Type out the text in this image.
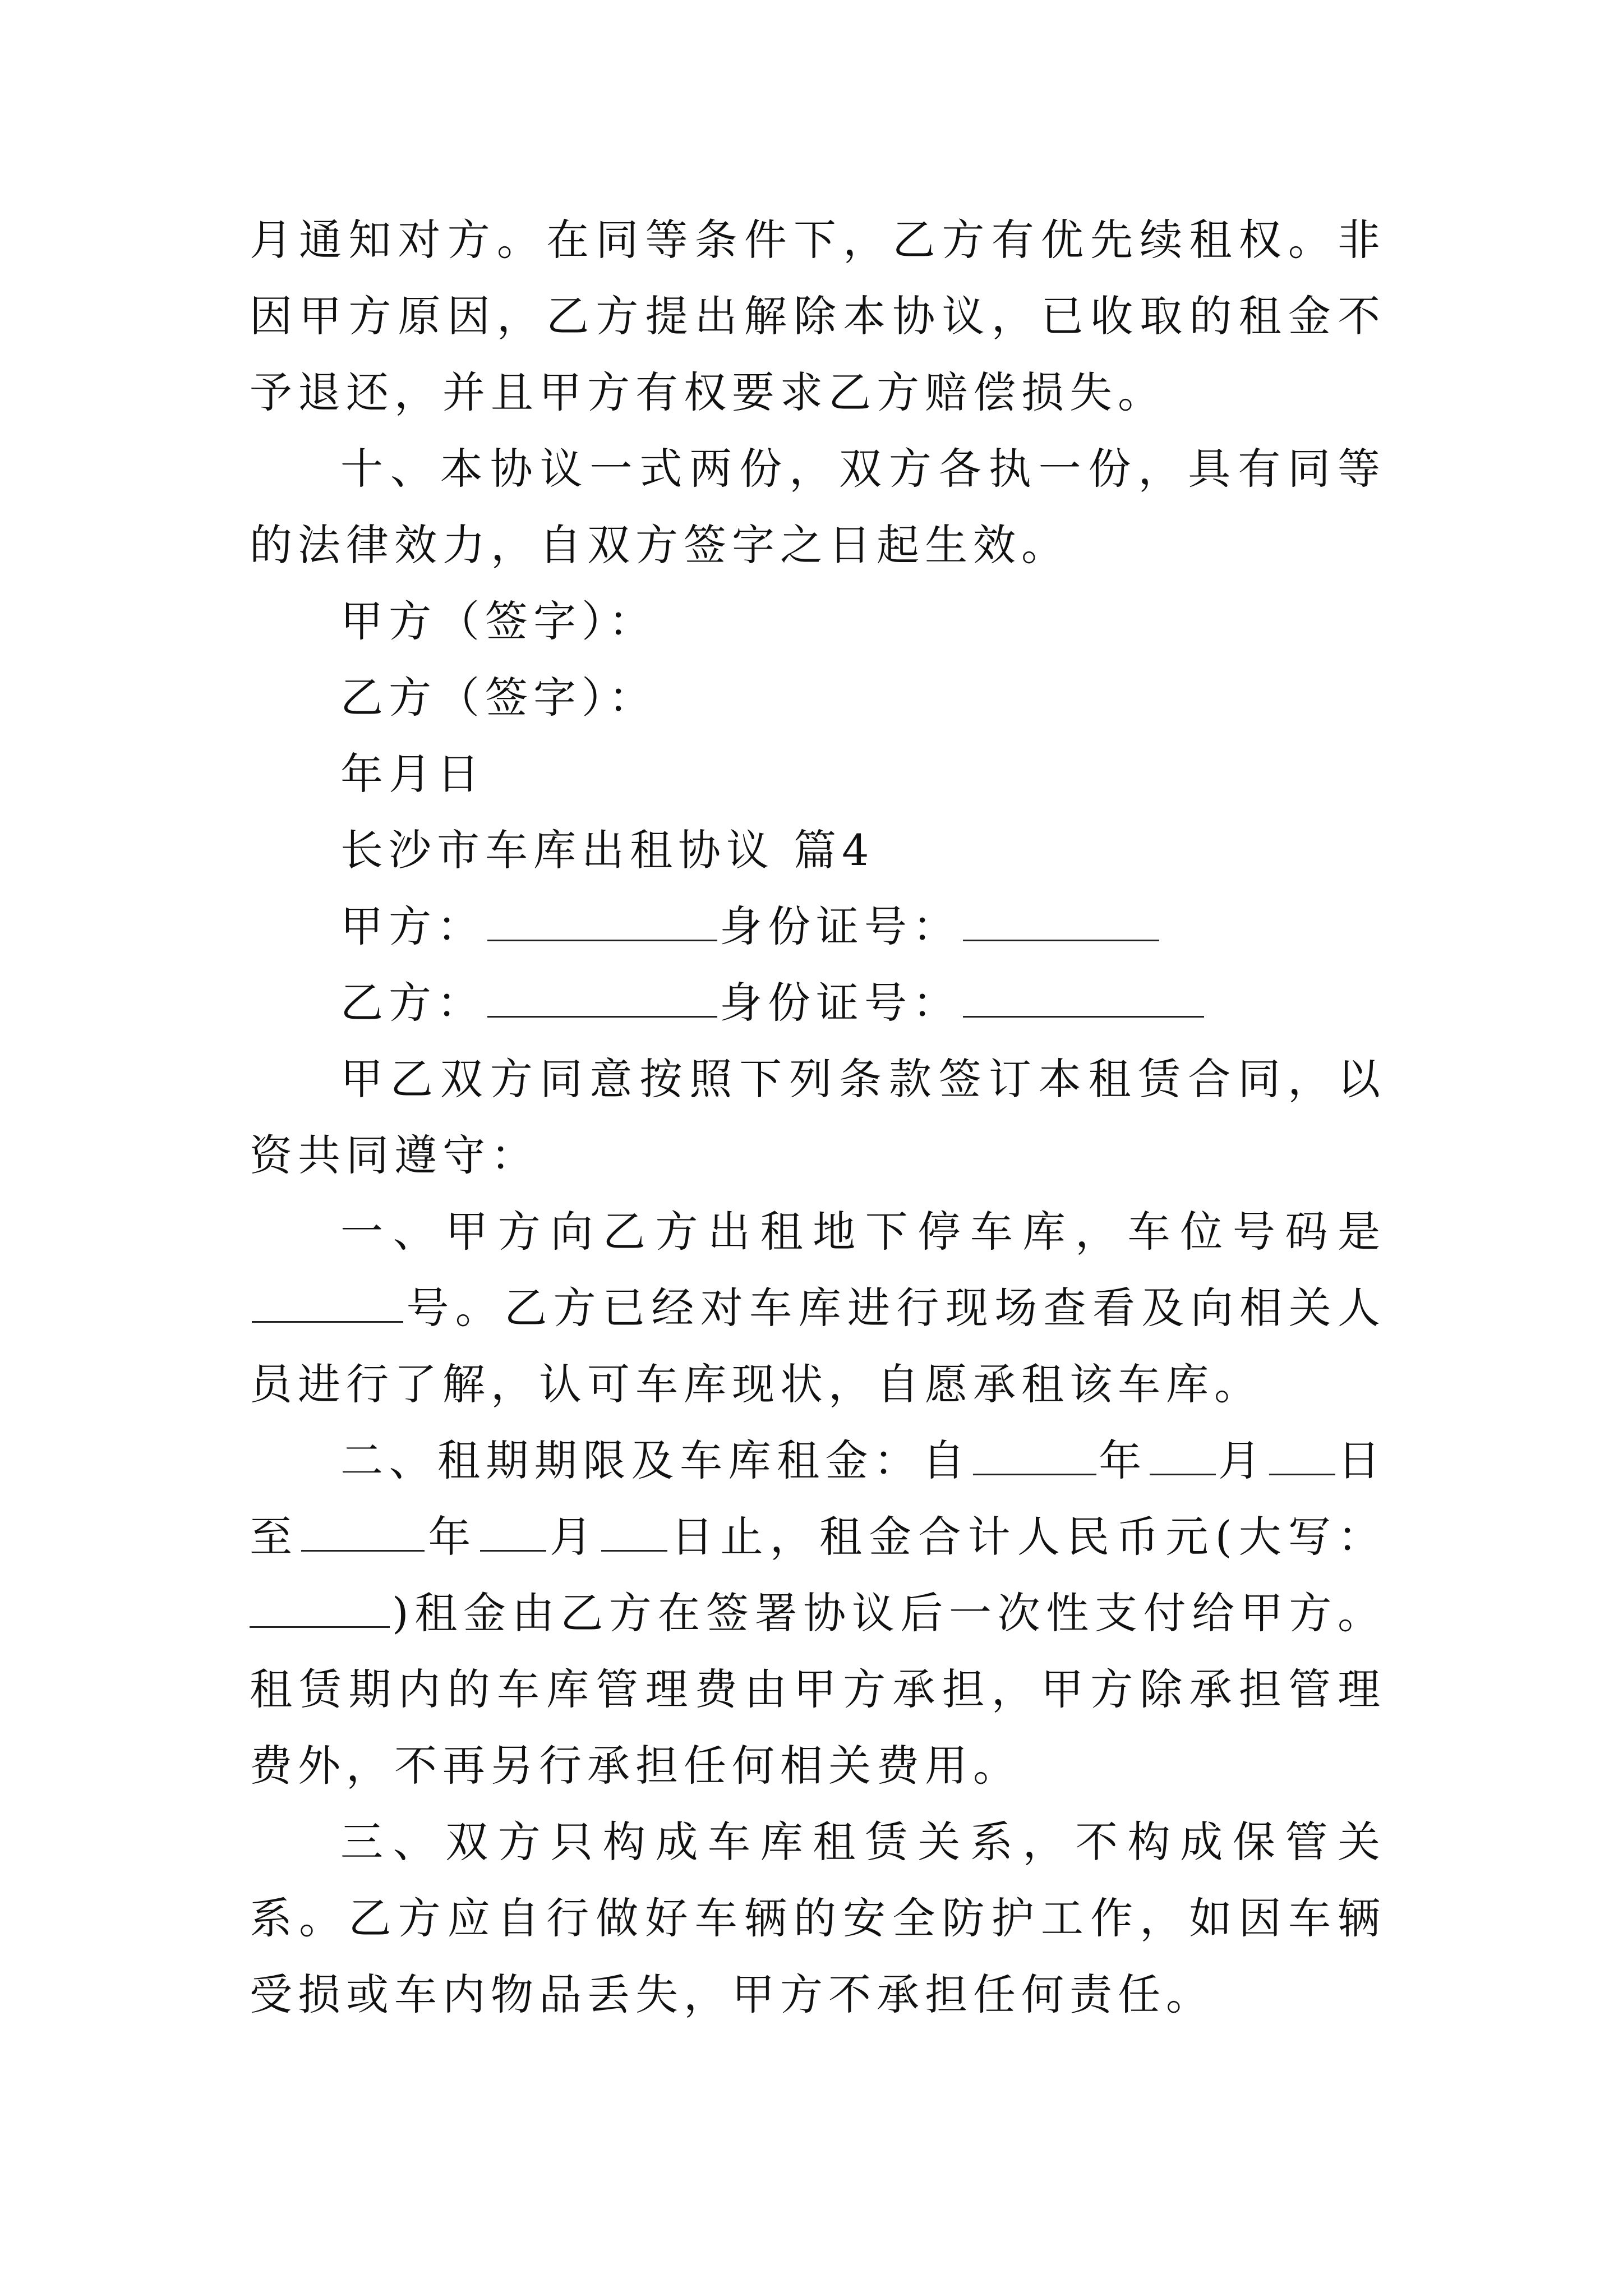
月通知对方。在同等条件下，乙方有优先续租权。非因甲方原因，乙方提出解除本协议，已收取的租金不予退还，并且甲方有权要求乙方赔偿损失。

十、本协议一式两份，双方各执一份，具有同等的法律效力，自双方签字之日起生效。

甲方（签字）：

乙方（签字）：

年月日

长沙市车库出租协议 篇4

甲方：	身份证号：

乙方：	身份证号：

甲乙双方同意按照下列条款签订本租赁合同，以资共同遵守：

一、甲方向乙方出租地下停车库，车位号码是号。乙方已经对车库进行现场查看及向相关人员进行了解，认可车库现状，自愿承租该车库。

二、租期期限及车库租金：自	年 月 日至	年 月 日止，租金合计人民币元(大写：)租金由乙方在签署协议后一次性支付给甲方。租赁期内的车库管理费由甲方承担，甲方除承担管理费外，不再另行承担任何相关费用。

三、双方只构成车库租赁关系，不构成保管关系。乙方应自行做好车辆的安全防护工作，如因车辆受损或车内物品丢失，甲方不承担任何责任。
